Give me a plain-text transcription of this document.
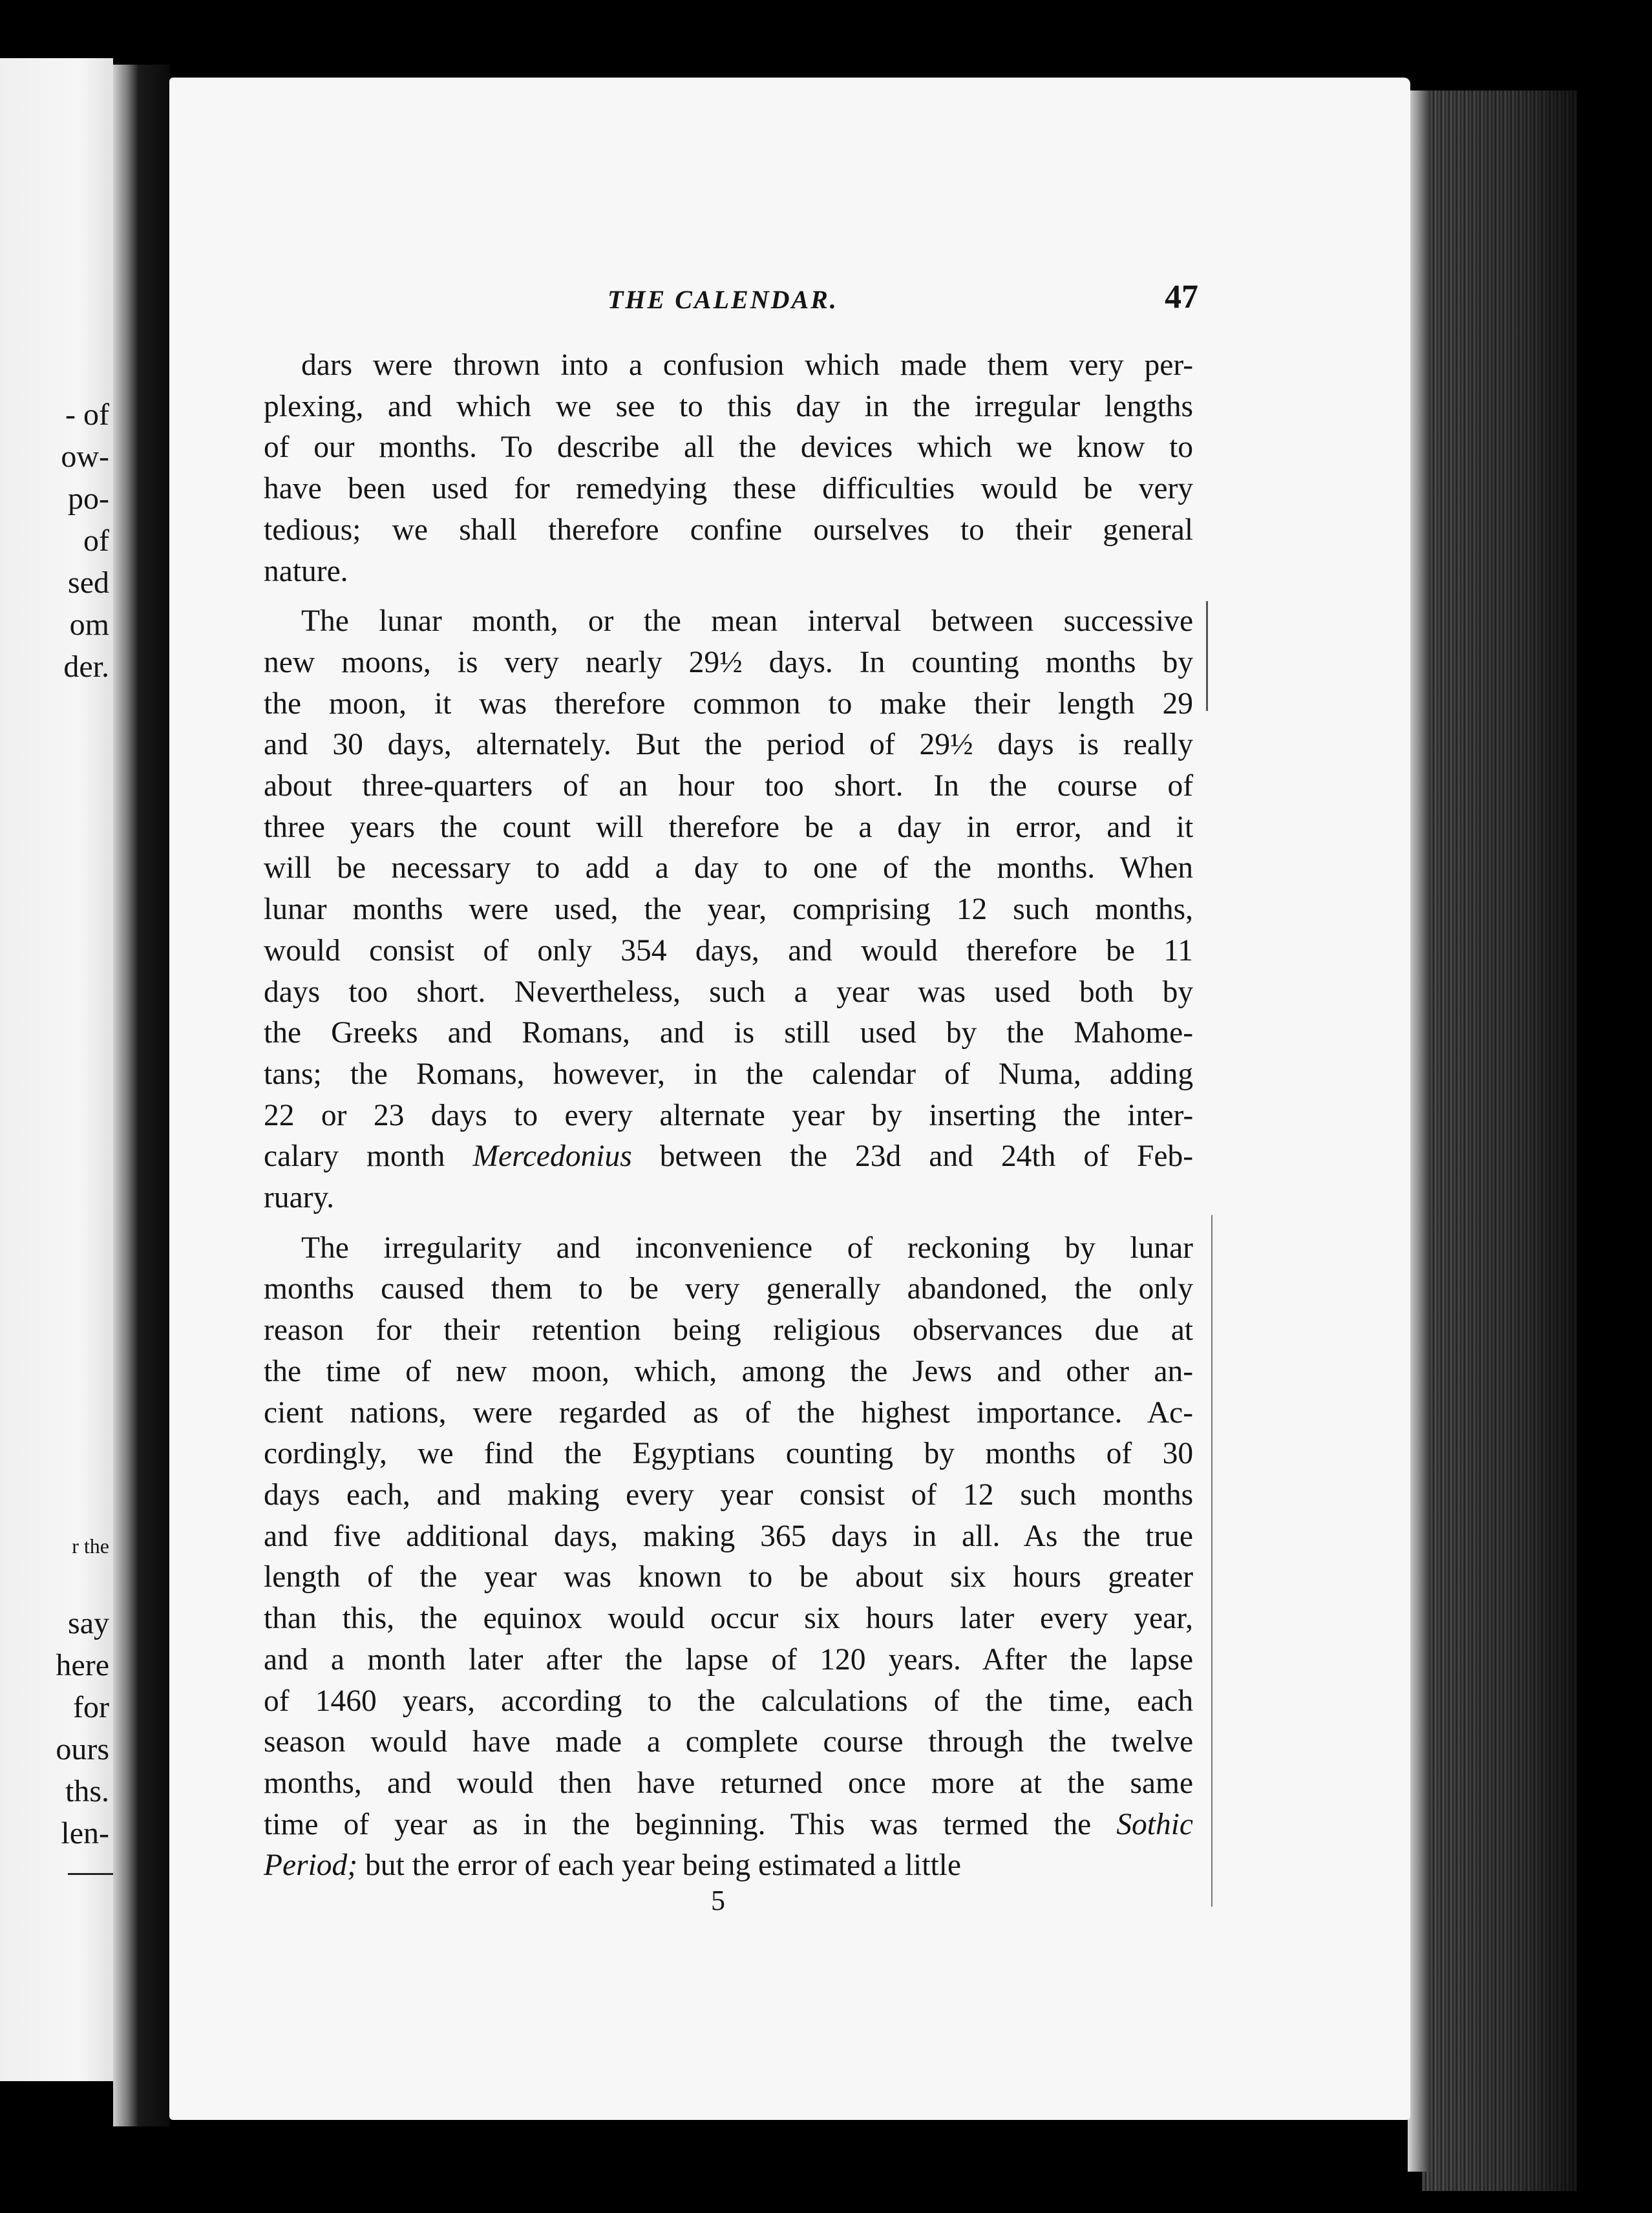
- of
ow-
po-
of
sed
om
der.
r the
say
here
for
ours
ths.
len-
THE CALENDAR.	47

dars were thrown into a confusion which made them very per-
plexing, and which we see to this day in the irregular lengths
of our months. To describe all the devices which we know to
have been used for remedying these difficulties would be very
tedious; we shall therefore confine ourselves to their general
nature.

The lunar month, or the mean interval between successive
new moons, is very nearly 29½ days. In counting months by
the moon, it was therefore common to make their length 29
and 30 days, alternately. But the period of 29½ days is really
about three-quarters of an hour too short. In the course of
three years the count will therefore be a day in error, and it
will be necessary to add a day to one of the months. When
lunar months were used, the year, comprising 12 such months,
would consist of only 354 days, and would therefore be 11
days too short. Nevertheless, such a year was used both by
the Greeks and Romans, and is still used by the Mahome-
tans; the Romans, however, in the calendar of Numa, adding
22 or 23 days to every alternate year by inserting the inter-
calary month Mercedonius between the 23d and 24th of Feb-
ruary.

The irregularity and inconvenience of reckoning by lunar
months caused them to be very generally abandoned, the only
reason for their retention being religious observances due at
the time of new moon, which, among the Jews and other an-
cient nations, were regarded as of the highest importance. Ac-
cordingly, we find the Egyptians counting by months of 30
days each, and making every year consist of 12 such months
and five additional days, making 365 days in all. As the true
length of the year was known to be about six hours greater
than this, the equinox would occur six hours later every year,
and a month later after the lapse of 120 years. After the lapse
of 1460 years, according to the calculations of the time, each
season would have made a complete course through the twelve
months, and would then have returned once more at the same
time of year as in the beginning. This was termed the Sothic
Period; but the error of each year being estimated a little

5
